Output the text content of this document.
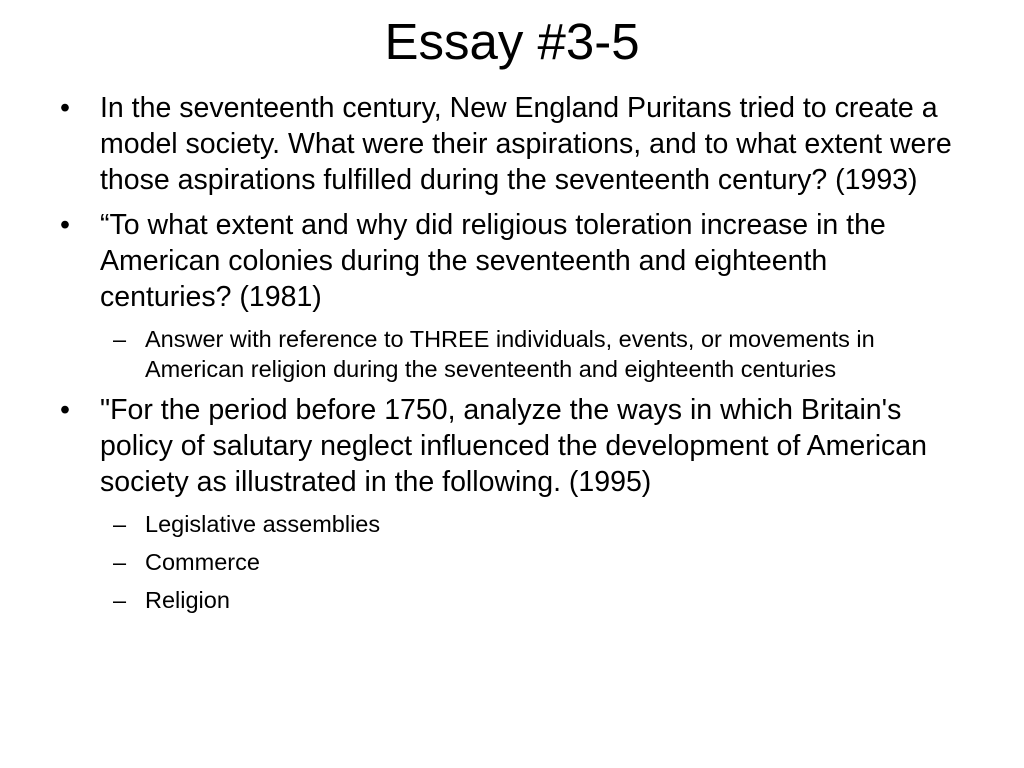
Essay #3-5
•	In the seventeenth century, New England Puritans tried to create a model society. What were their aspirations, and to what extent were those aspirations fulfilled during the seventeenth century? (1993)
•	“To what extent and why did religious toleration increase in the American colonies during the seventeenth and eighteenth centuries? (1981)
– Answer with reference to THREE individuals, events, or movements in American religion during the seventeenth and eighteenth centuries
•	"For the period before 1750, analyze the ways in which Britain's policy of salutary neglect influenced the development of American society as illustrated in the following. (1995)
– Legislative assemblies
– Commerce
– Religion
